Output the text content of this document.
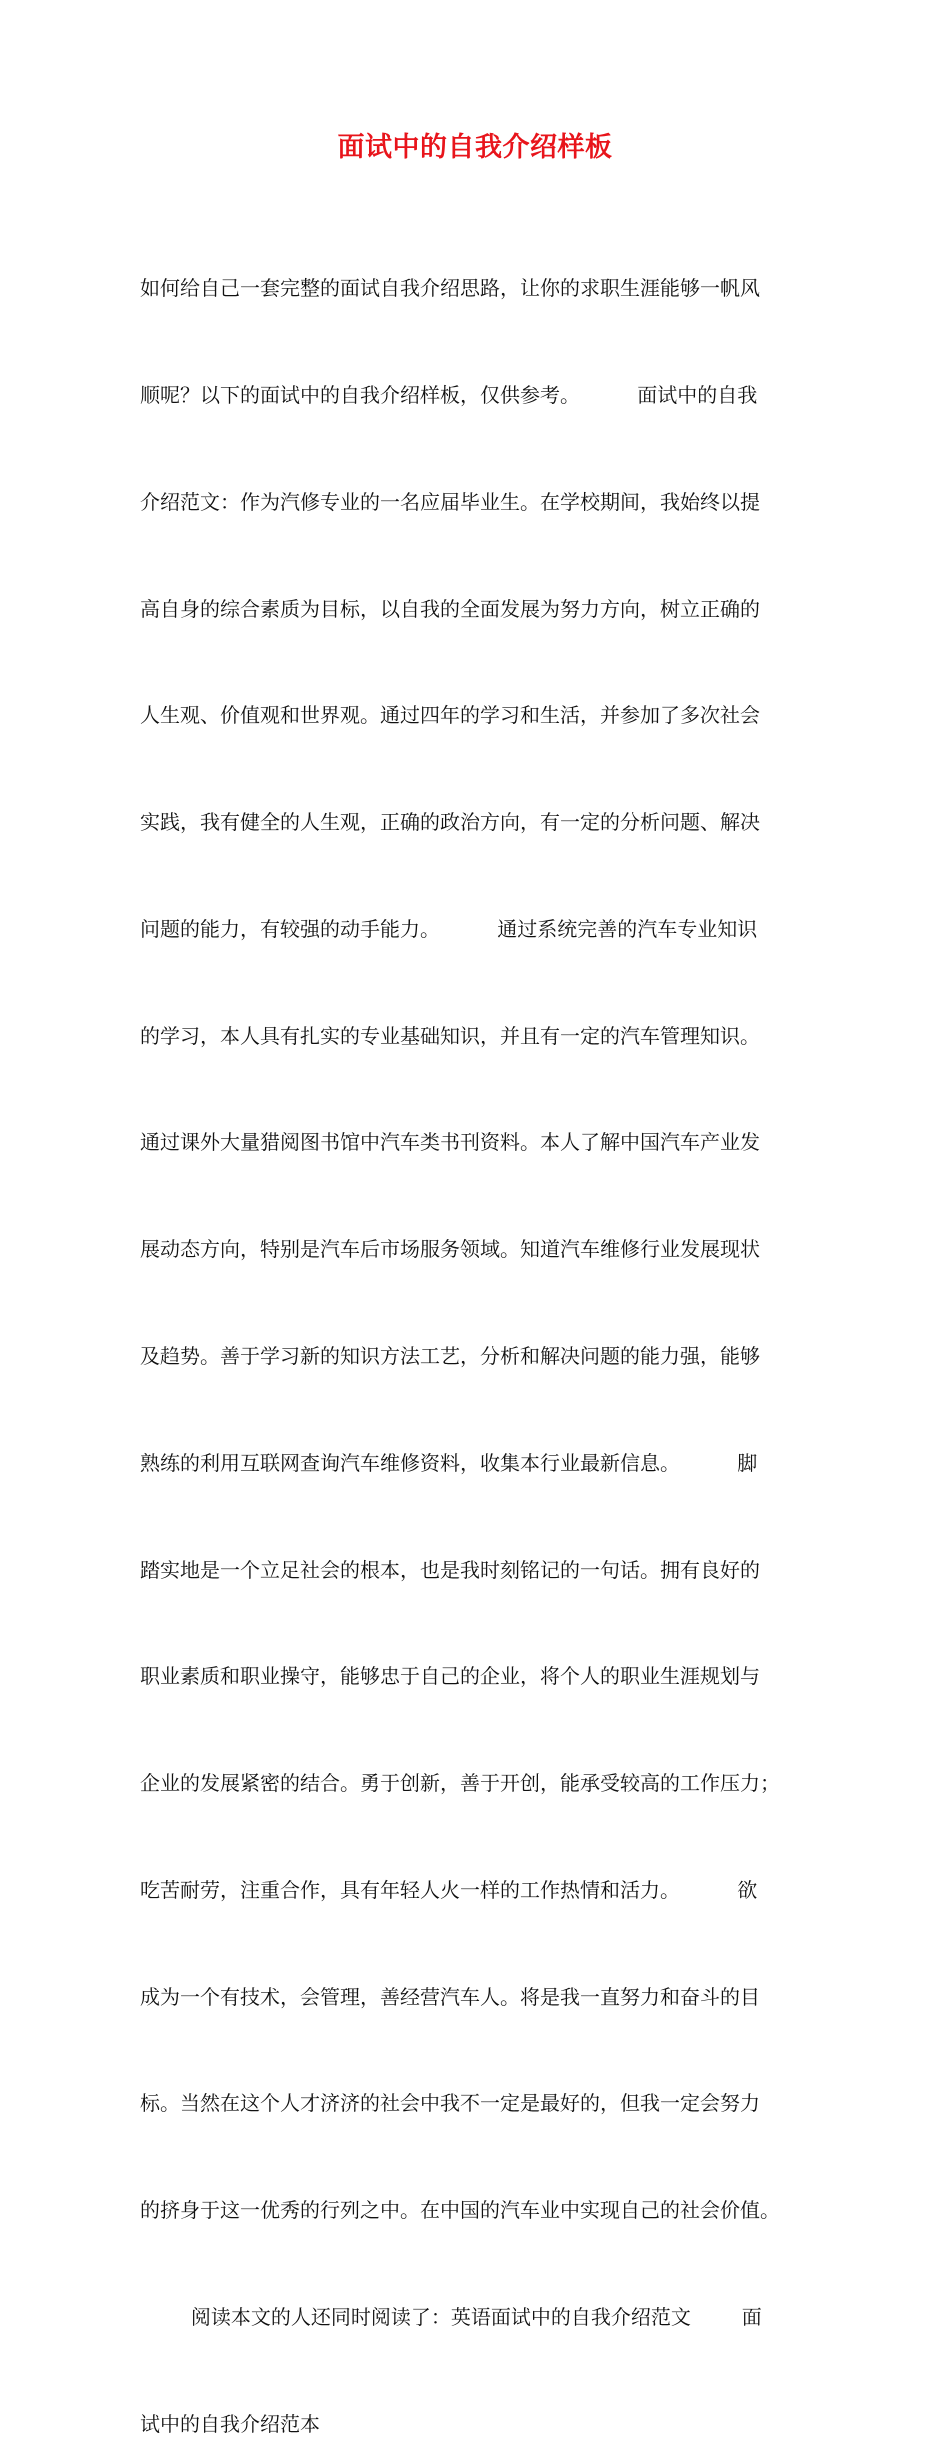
面试中的自我介绍样板

如何给自己一套完整的面试自我介绍思路，让你的求职生涯能够一帆风

顺呢？以下的面试中的自我介绍样板，仅供参考。         面试中的自我

介绍范文：作为汽修专业的一名应届毕业生。在学校期间，我始终以提

高自身的综合素质为目标，以自我的全面发展为努力方向，树立正确的

人生观、价值观和世界观。通过四年的学习和生活，并参加了多次社会

实践，我有健全的人生观，正确的政治方向，有一定的分析问题、解决

问题的能力，有较强的动手能力。         通过系统完善的汽车专业知识

的学习，本人具有扎实的专业基础知识，并且有一定的汽车管理知识。

通过课外大量猎阅图书馆中汽车类书刊资料。本人了解中国汽车产业发

展动态方向，特别是汽车后市场服务领域。知道汽车维修行业发展现状

及趋势。善于学习新的知识方法工艺，分析和解决问题的能力强，能够

熟练的利用互联网查询汽车维修资料，收集本行业最新信息。         脚

踏实地是一个立足社会的根本，也是我时刻铭记的一句话。拥有良好的

职业素质和职业操守，能够忠于自己的企业，将个人的职业生涯规划与

企业的发展紧密的结合。勇于创新，善于开创，能承受较高的工作压力；

吃苦耐劳，注重合作，具有年轻人火一样的工作热情和活力。         欲

成为一个有技术，会管理，善经营汽车人。将是我一直努力和奋斗的目

标。当然在这个人才济济的社会中我不一定是最好的，但我一定会努力

的挤身于这一优秀的行列之中。在中国的汽车业中实现自己的社会价值。

阅读本文的人还同时阅读了：英语面试中的自我介绍范文        面

试中的自我介绍范本
